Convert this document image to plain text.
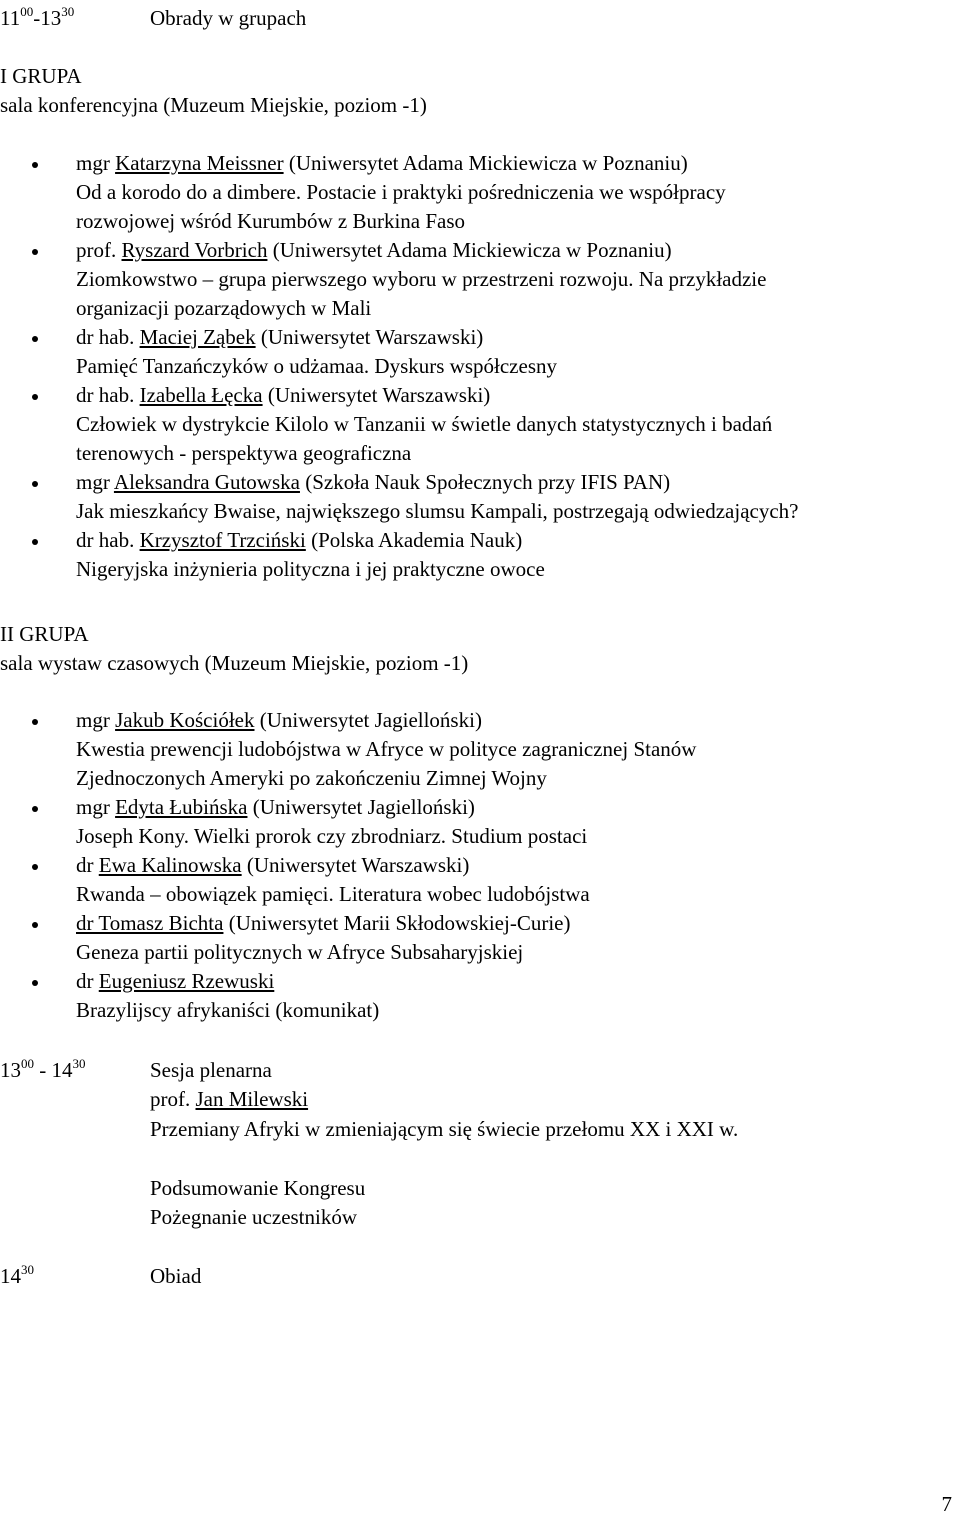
$11^{00}-13^{30}$	Obrady w grupach
I GRUPA
sala konferencyjna (Muzeum Miejskie, poziom -1)
mgr Katarzyna Meissner (Uniwersytet Adama Mickiewicza w Poznaniu)
Od a korodo do a dimbere. Postacie i praktyki pośredniczenia we współpracy
rozwojowej wśród Kurumbów z Burkina Faso
prof. Ryszard Vorbrich (Uniwersytet Adama Mickiewicza w Poznaniu)
Ziomkowstwo – grupa pierwszego wyboru w przestrzeni rozwoju. Na przykładzie
organizacji pozarządowych w Mali
dr hab. Maciej Ząbek (Uniwersytet Warszawski)
Pamięć Tanzańczyków o udżamaa. Dyskurs współczesny
dr hab. Izabella Łęcka (Uniwersytet Warszawski)
Człowiek w dystrykcie Kilolo w Tanzanii w świetle danych statystycznych i badań
terenowych - perspektywa geograficzna
mgr Aleksandra Gutowska (Szkoła Nauk Społecznych przy IFIS PAN)
Jak mieszkańcy Bwaise, największego slumsu Kampali, postrzegają odwiedzających?
dr hab. Krzysztof Trzciński (Polska Akademia Nauk)
Nigeryjska inżynieria polityczna i jej praktyczne owoce
II GRUPA
sala wystaw czasowych (Muzeum Miejskie, poziom -1)
mgr Jakub Kościółek (Uniwersytet Jagielloński)
Kwestia prewencji ludobójstwa w Afryce w polityce zagranicznej Stanów
Zjednoczonych Ameryki po zakończeniu Zimnej Wojny
mgr Edyta Łubińska (Uniwersytet Jagielloński)
Joseph Kony. Wielki prorok czy zbrodniarz. Studium postaci
dr Ewa Kalinowska (Uniwersytet Warszawski)
Rwanda – obowiązek pamięci. Literatura wobec ludobójstwa
dr Tomasz Bichta (Uniwersytet Marii Skłodowskiej-Curie)
Geneza partii politycznych w Afryce Subsaharyjskiej
dr Eugeniusz Rzewuski
Brazylijscy afrykaniści (komunikat)
$13^{00} - 14^{30}$	Sesja plenarna
prof. Jan Milewski
Przemiany Afryki w zmieniającym się świecie przełomu XX i XXI w.
Podsumowanie Kongresu
Pożegnanie uczestników
$14^{30}$	Obiad
7
